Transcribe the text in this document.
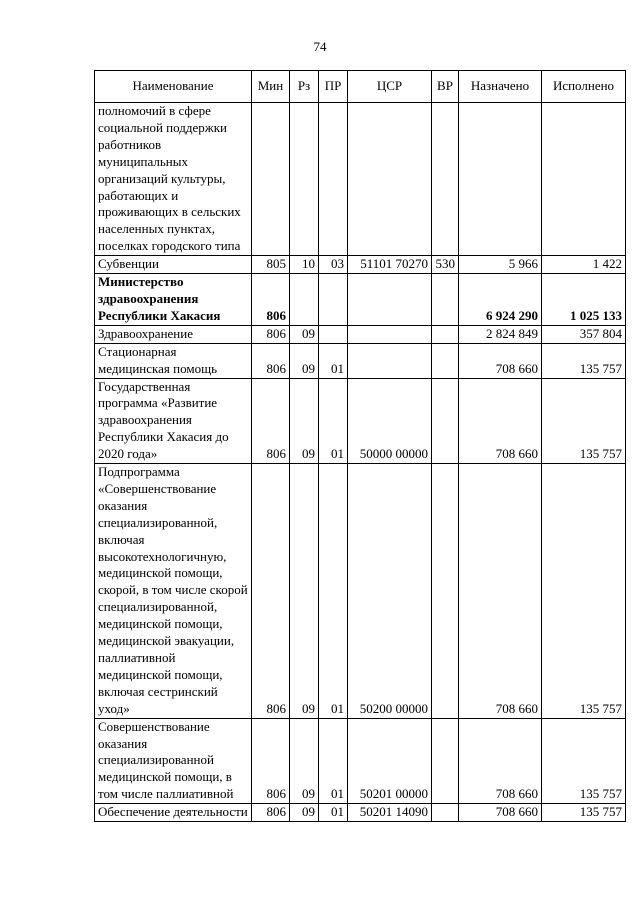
74
Наименование	Мин	Рз	ПР	ЦСР	ВР	Назначено	Исполнено
полномочий в сфере социальной поддержки работников муниципальных организаций культуры, работающих и проживающих в сельских населенных пунктах, поселках городского типа							
Субвенции	805	10	03	51101 70270	530	5 966	1 422
Министерство здравоохранения Республики Хакасия	806					6 924 290	1 025 133
Здравоохранение	806	09				2 824 849	357 804
Стационарная медицинская помощь	806	09	01			708 660	135 757
Государственная программа «Развитие здравоохранения Республики Хакасия до 2020 года»	806	09	01	50000 00000		708 660	135 757
Подпрограмма «Совершенствование оказания специализированной, включая высокотехнологичную, медицинской помощи, скорой, в том числе скорой специализированной, медицинской помощи, медицинской эвакуации, паллиативной медицинской помощи, включая сестринский уход»	806	09	01	50200 00000		708 660	135 757
Совершенствование оказания специализированной медицинской помощи, в том числе паллиативной	806	09	01	50201 00000		708 660	135 757
Обеспечение деятельности	806	09	01	50201 14090		708 660	135 757
